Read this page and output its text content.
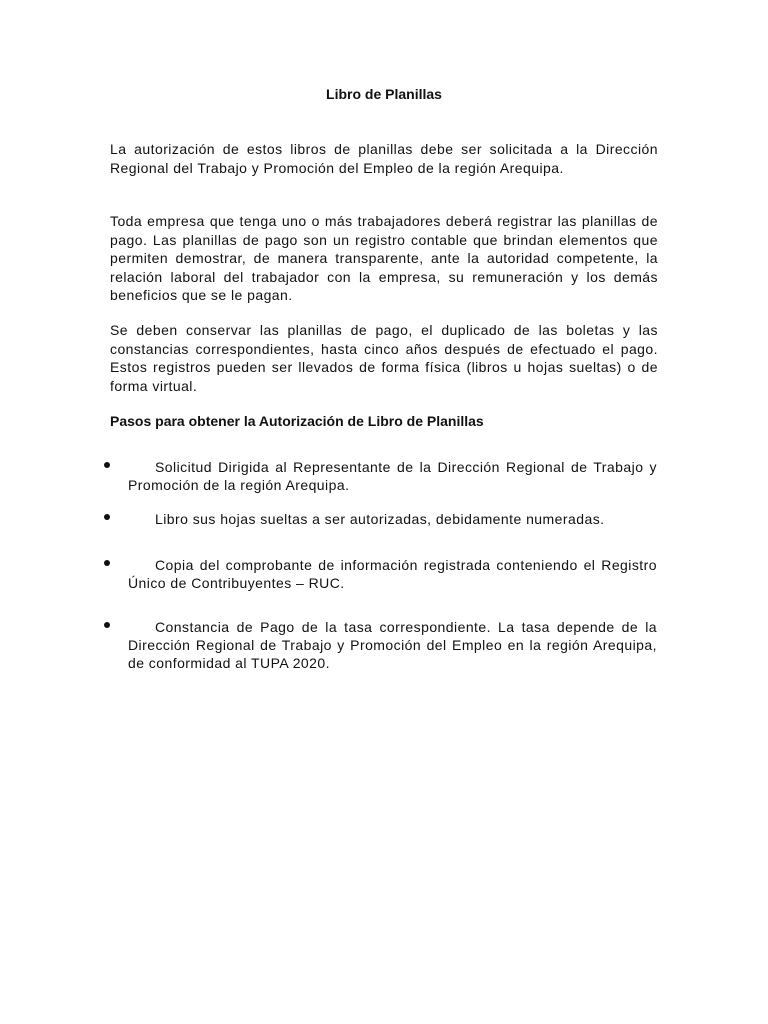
Libro de Planillas

La autorización de estos libros de planillas debe ser solicitada a la Dirección Regional del Trabajo y Promoción del Empleo de la región Arequipa.

Toda empresa que tenga uno o más trabajadores deberá registrar las planillas de pago. Las planillas de pago son un registro contable que brindan elementos que permiten demostrar, de manera transparente, ante la autoridad competente, la relación laboral del trabajador con la empresa, su remuneración y los demás beneficios que se le pagan.

Se deben conservar las planillas de pago, el duplicado de las boletas y las constancias correspondientes, hasta cinco años después de efectuado el pago. Estos registros pueden ser llevados de forma física (libros u hojas sueltas) o de forma virtual.

Pasos para obtener la Autorización de Libro de Planillas

Solicitud Dirigida al Representante de la Dirección Regional de Trabajo y Promoción de la región Arequipa.

Libro sus hojas sueltas a ser autorizadas, debidamente numeradas.

Copia del comprobante de información registrada conteniendo el Registro Único de Contribuyentes – RUC.

Constancia de Pago de la tasa correspondiente. La tasa depende de la Dirección Regional de Trabajo y Promoción del Empleo en la región Arequipa, de conformidad al TUPA 2020.
